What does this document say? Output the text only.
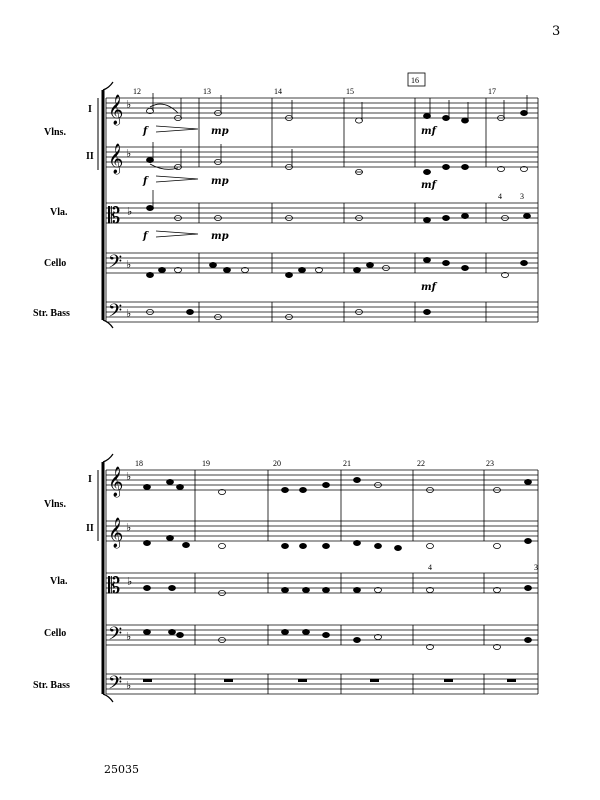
3
25035
I
Vlns.
II
Vla.
Cello
Str. Bass
𝄞
𝄞
𝄡
𝄢
𝄢
♭
♭
♭
♭
♭
12	13	14	15	17
16
f	mp	mf
f	mp	mf
f	mp
mf
4 3
I
Vlns.
II
Vla.
Cello
Str. Bass
𝄞
𝄞
𝄡
𝄢
𝄢
♭
♭
♭
♭
♭
18	19	20	21	22	23
4	3
